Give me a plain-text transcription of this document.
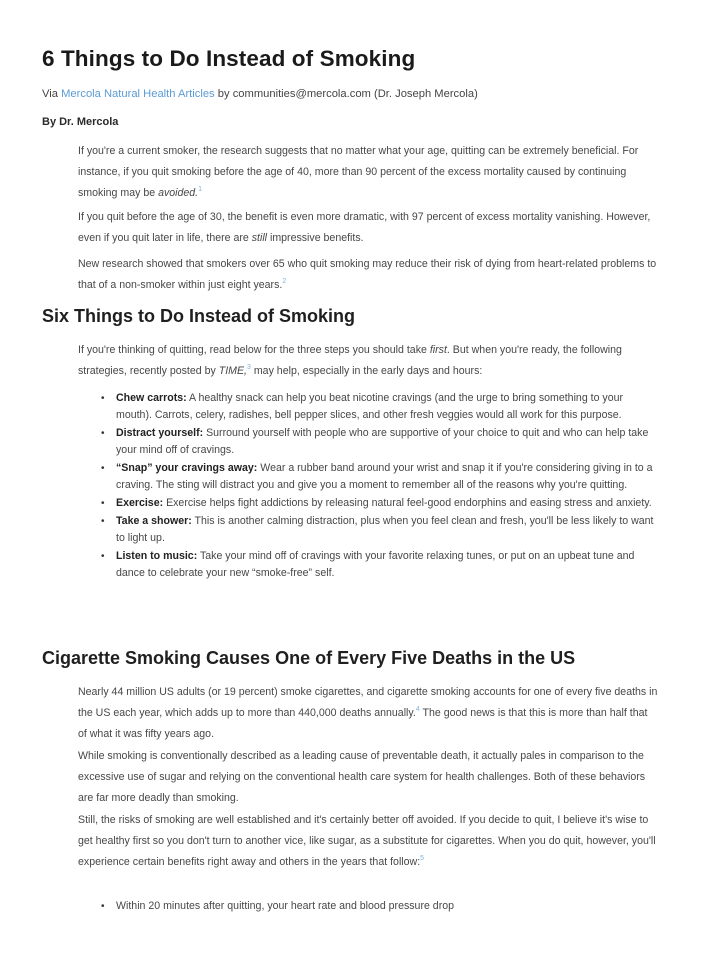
6 Things to Do Instead of Smoking
Via Mercola Natural Health Articles by communities@mercola.com (Dr. Joseph Mercola)
By Dr. Mercola

If you're a current smoker, the research suggests that no matter what your age, quitting can be extremely beneficial. For instance, if you quit smoking before the age of 40, more than 90 percent of the excess mortality caused by continuing smoking may be avoided.$^1$

If you quit before the age of 30, the benefit is even more dramatic, with 97 percent of excess mortality vanishing. However, even if you quit later in life, there are still impressive benefits.

New research showed that smokers over 65 who quit smoking may reduce their risk of dying from heart-related problems to that of a non-smoker within just eight years.$^2$

Six Things to Do Instead of Smoking

If you're thinking of quitting, read below for the three steps you should take first. But when you're ready, the following strategies, recently posted by TIME,$^3$ may help, especially in the early days and hours:

• Chew carrots: A healthy snack can help you beat nicotine cravings (and the urge to bring something to your mouth). Carrots, celery, radishes, bell pepper slices, and other fresh veggies would all work for this purpose.
• Distract yourself: Surround yourself with people who are supportive of your choice to quit and who can help take your mind off of cravings.
• “Snap” your cravings away: Wear a rubber band around your wrist and snap it if you're considering giving in to a craving. The sting will distract you and give you a moment to remember all of the reasons why you're quitting.
• Exercise: Exercise helps fight addictions by releasing natural feel-good endorphins and easing stress and anxiety.
• Take a shower: This is another calming distraction, plus when you feel clean and fresh, you'll be less likely to want to light up.
• Listen to music: Take your mind off of cravings with your favorite relaxing tunes, or put on an upbeat tune and dance to celebrate your new “smoke-free” self.
Cigarette Smoking Causes One of Every Five Deaths in the US

Nearly 44 million US adults (or 19 percent) smoke cigarettes, and cigarette smoking accounts for one of every five deaths in the US each year, which adds up to more than 440,000 deaths annually.$^4$ The good news is that this is more than half that of what it was fifty years ago.

While smoking is conventionally described as a leading cause of preventable death, it actually pales in comparison to the excessive use of sugar and relying on the conventional health care system for health challenges. Both of these behaviors are far more deadly than smoking.

Still, the risks of smoking are well established and it's certainly better off avoided. If you decide to quit, I believe it's wise to get healthy first so you don't turn to another vice, like sugar, as a substitute for cigarettes. When you do quit, however, you'll experience certain benefits right away and others in the years that follow:$^5$

• Within 20 minutes after quitting, your heart rate and blood pressure drop
